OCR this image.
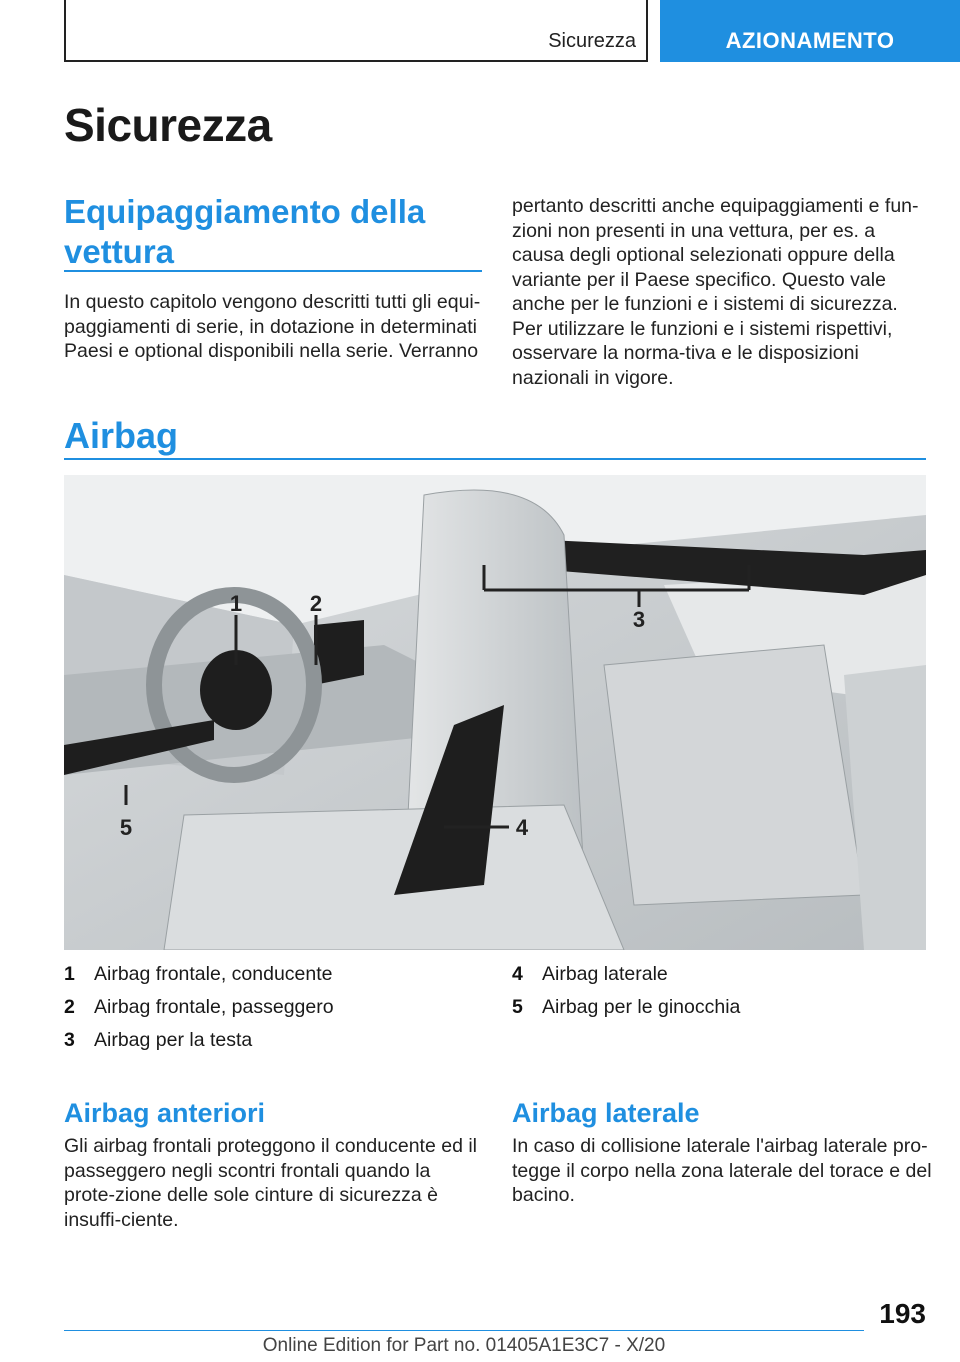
Sicurezza	AZIONAMENTO
Sicurezza
Equipaggiamento della vettura
In questo capitolo vengono descritti tutti gli equi-paggiamenti di serie, in dotazione in determinati Paesi e optional disponibili nella serie. Verranno
pertanto descritti anche equipaggiamenti e fun-zioni non presenti in una vettura, per es. a causa degli optional selezionati oppure della variante per il Paese specifico. Questo vale anche per le funzioni e i sistemi di sicurezza. Per utilizzare le funzioni e i sistemi rispettivi, osservare la norma-tiva e le disposizioni nazionali in vigore.
Airbag
1	2
3
4
5
1 Airbag frontale, conducente
2 Airbag frontale, passeggero
3 Airbag per la testa
4 Airbag laterale
5 Airbag per le ginocchia
Airbag anteriori
Gli airbag frontali proteggono il conducente ed il passeggero negli scontri frontali quando la prote-zione delle sole cinture di sicurezza è insuffi-ciente.
Airbag laterale
In caso di collisione laterale l'airbag laterale pro-tegge il corpo nella zona laterale del torace e del bacino.
193
Online Edition for Part no. 01405A1E3C7 - X/20
